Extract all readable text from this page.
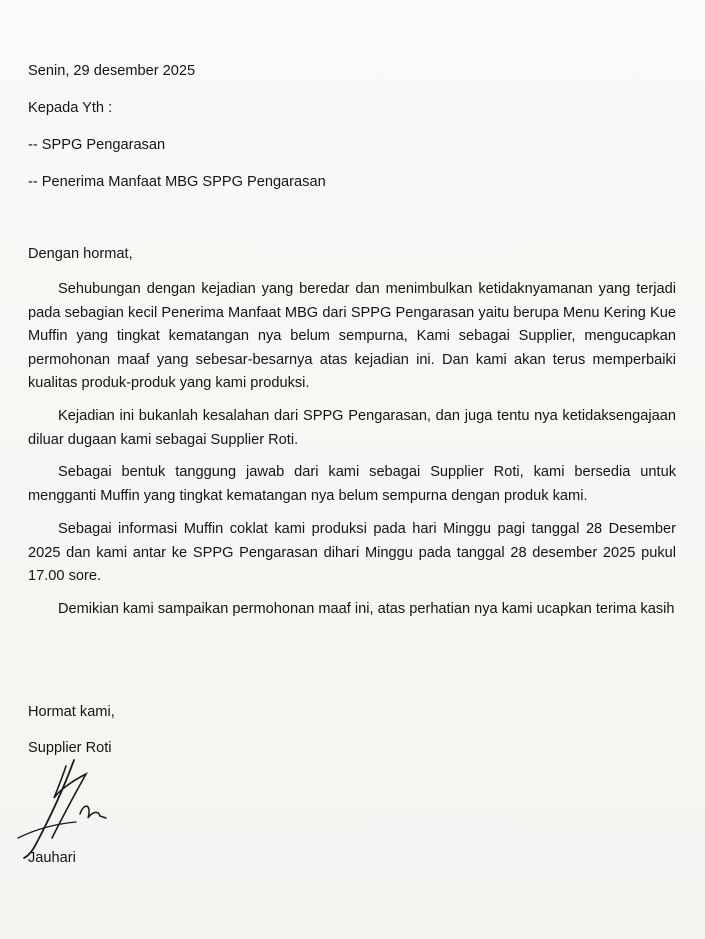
Senin, 29 desember 2025
Kepada Yth :
-- SPPG Pengarasan
-- Penerima Manfaat MBG SPPG Pengarasan
Dengan hormat,
Sehubungan dengan kejadian yang beredar dan menimbulkan ketidaknyamanan yang terjadi pada sebagian kecil Penerima Manfaat MBG dari SPPG Pengarasan yaitu berupa Menu Kering Kue Muffin yang tingkat kematangan nya belum sempurna, Kami sebagai Supplier, mengucapkan permohonan maaf yang sebesar-besarnya atas kejadian ini. Dan kami akan terus memperbaiki kualitas produk-produk yang kami produksi.
Kejadian ini bukanlah kesalahan dari SPPG Pengarasan, dan juga tentu nya ketidaksengajaan diluar dugaan kami sebagai Supplier Roti.
Sebagai bentuk tanggung jawab dari kami sebagai Supplier Roti, kami bersedia untuk mengganti Muffin yang tingkat kematangan nya belum sempurna dengan produk kami.
Sebagai informasi Muffin coklat kami produksi pada hari Minggu pagi tanggal 28 Desember 2025 dan kami antar ke SPPG Pengarasan dihari Minggu pada tanggal 28 desember 2025 pukul 17.00 sore.
Demikian kami sampaikan permohonan maaf ini, atas perhatian nya kami ucapkan terima kasih
Hormat kami,
Supplier Roti
Jauhari
